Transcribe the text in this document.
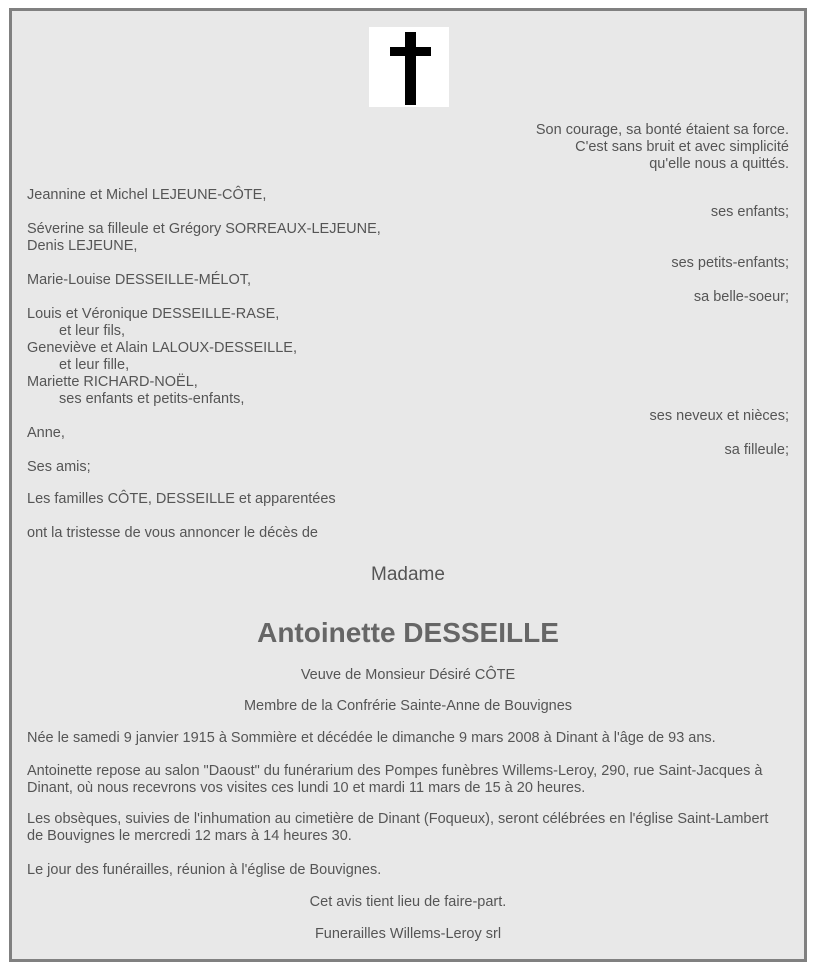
Son courage, sa bonté étaient sa force.
C'est sans bruit et avec simplicité
qu'elle nous a quittés.
Jeannine et Michel LEJEUNE-CÔTE,
ses enfants;
Séverine sa filleule et Grégory SORREAUX-LEJEUNE,
Denis LEJEUNE,
ses petits-enfants;
Marie-Louise DESSEILLE-MÉLOT,
sa belle-soeur;
Louis et Véronique DESSEILLE-RASE,
et leur fils,
Geneviève et Alain LALOUX-DESSEILLE,
et leur fille,
Mariette RICHARD-NOËL,
ses enfants et petits-enfants,
ses neveux et nièces;
Anne,
sa filleule;
Ses amis;
Les familles CÔTE, DESSEILLE et apparentées
ont la tristesse de vous annoncer le décès de
Madame
Antoinette DESSEILLE
Veuve de Monsieur Désiré CÔTE
Membre de la Confrérie Sainte-Anne de Bouvignes
Née le samedi 9 janvier 1915 à Sommière et décédée le dimanche 9 mars 2008 à Dinant à l'âge de 93 ans.
Antoinette repose au salon "Daoust" du funérarium des Pompes funèbres Willems-Leroy, 290, rue Saint-Jacques à
Dinant, où nous recevrons vos visites ces lundi 10 et mardi 11 mars de 15 à 20 heures.
Les obsèques, suivies de l'inhumation au cimetière de Dinant (Foqueux), seront célébrées en l'église Saint-Lambert
de Bouvignes le mercredi 12 mars à 14 heures 30.
Le jour des funérailles, réunion à l'église de Bouvignes.
Cet avis tient lieu de faire-part.
Funerailles Willems-Leroy srl
